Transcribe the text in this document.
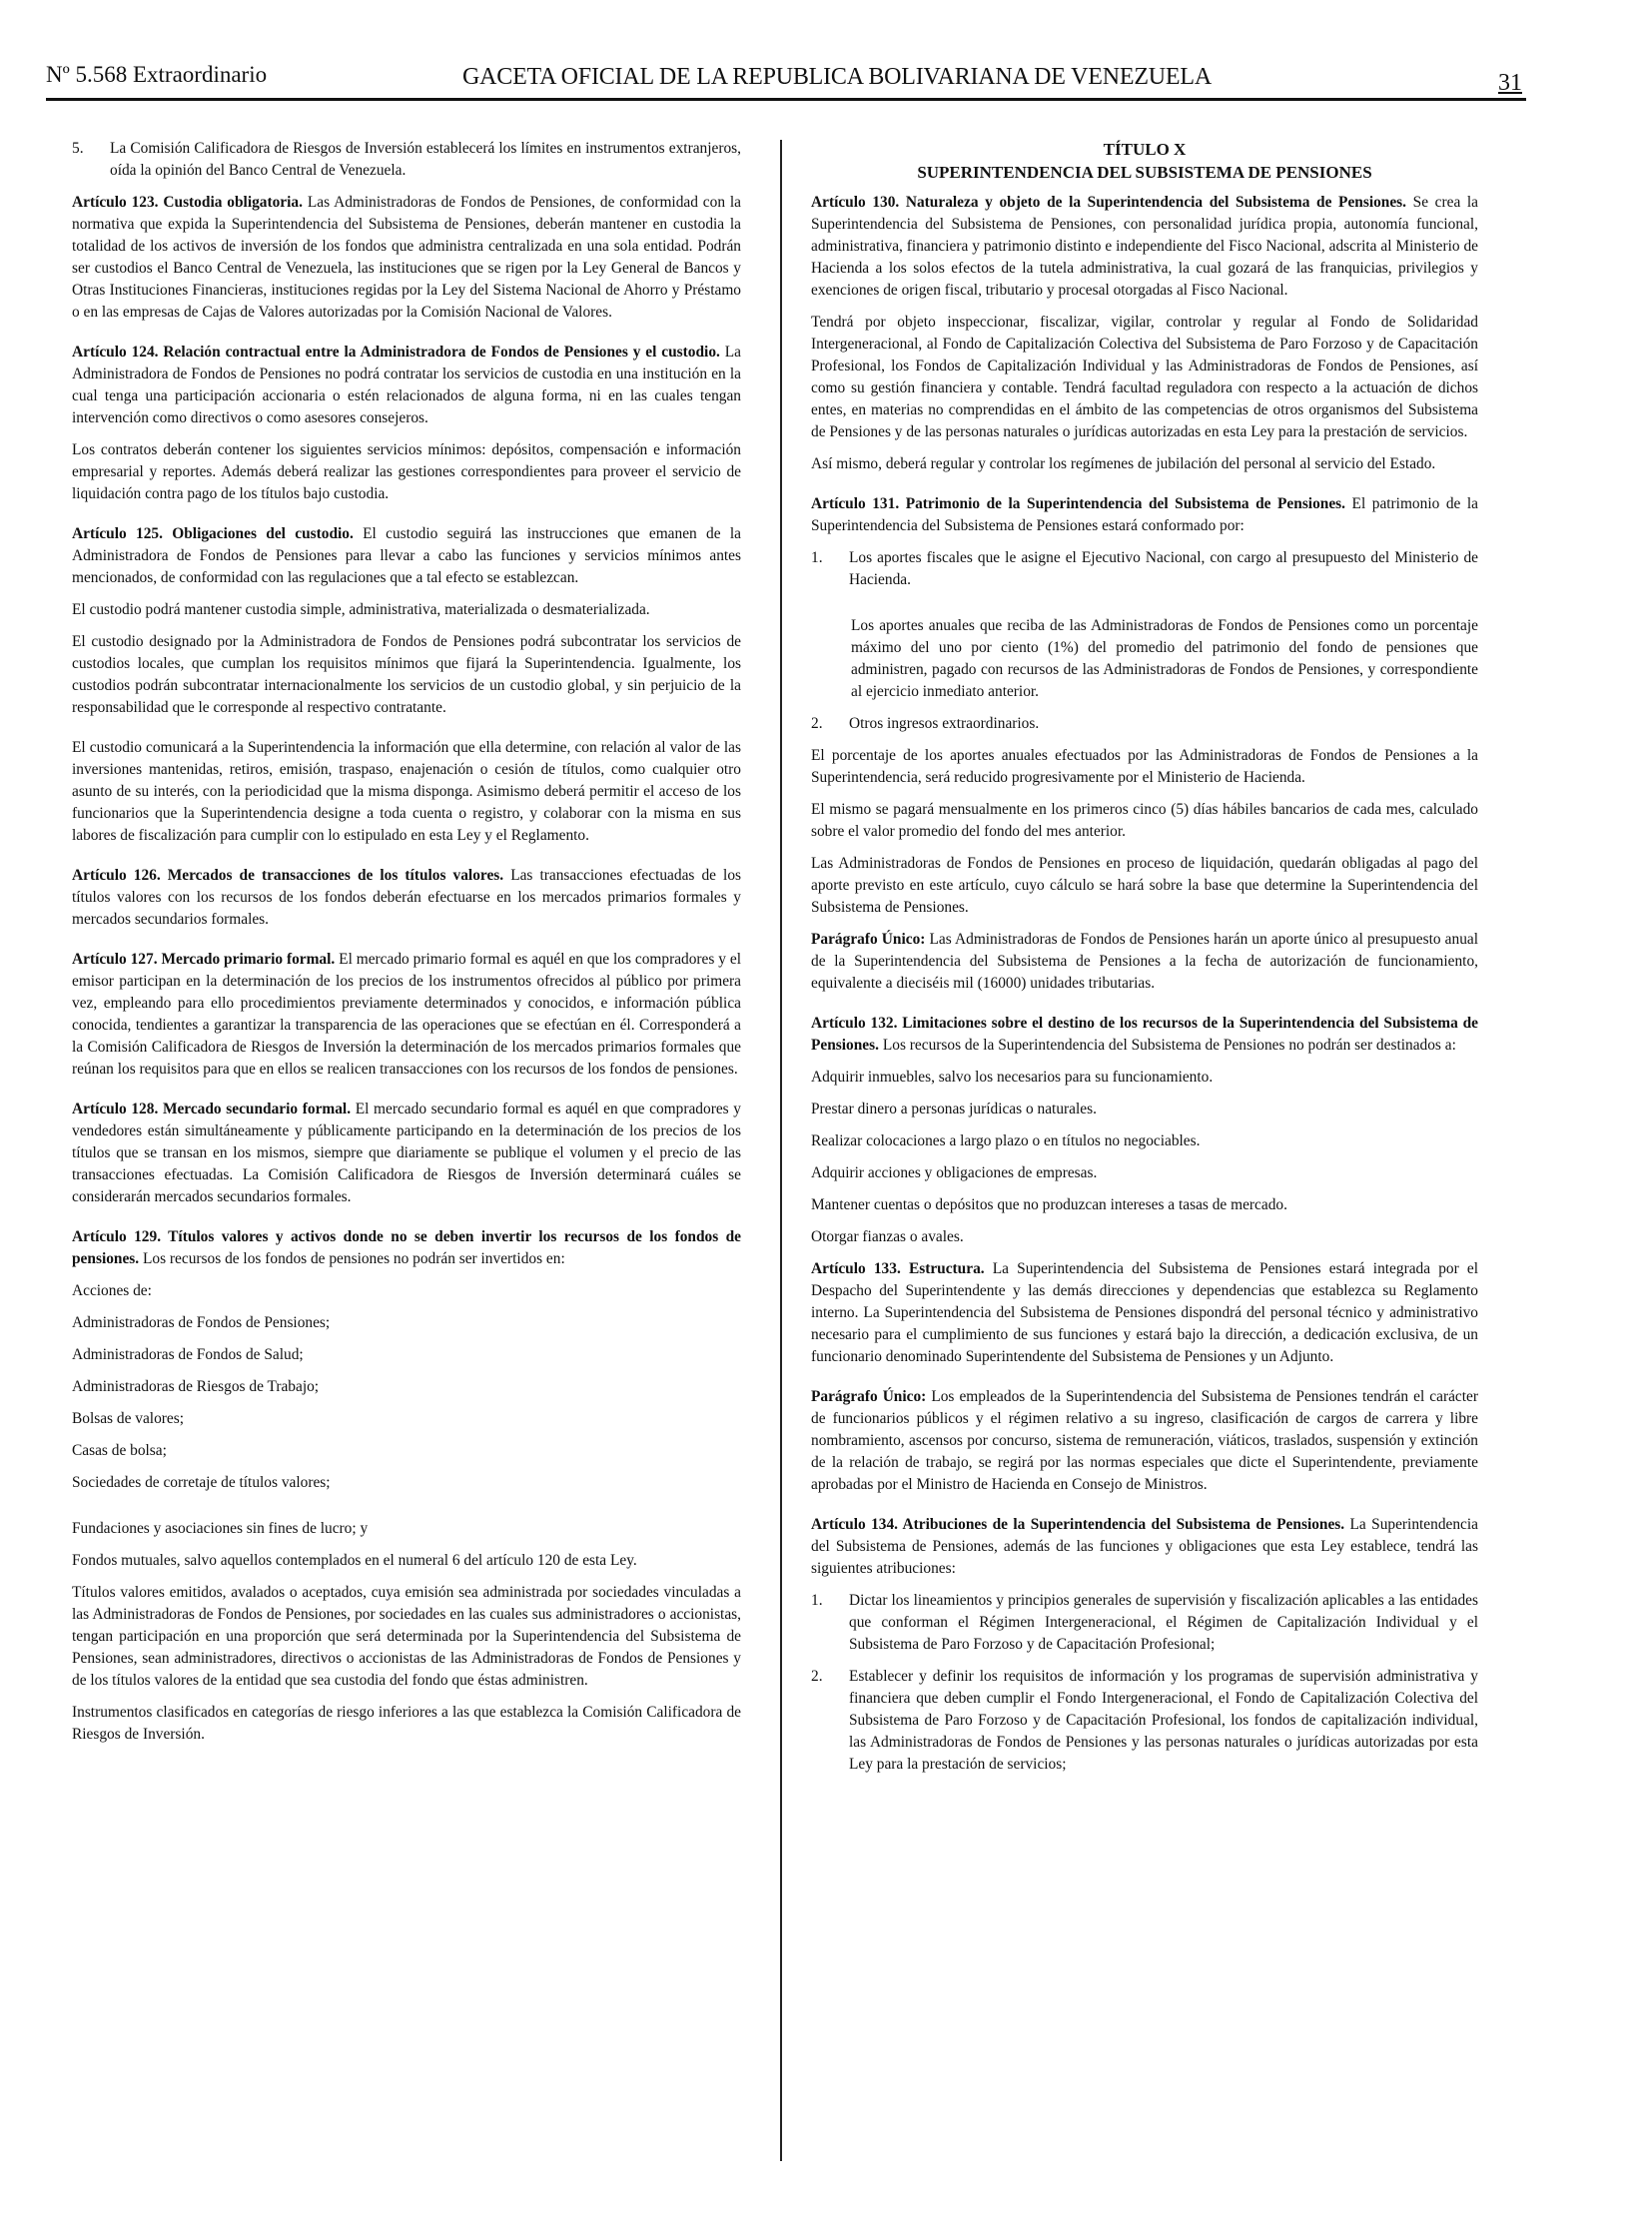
Nº 5.568 Extraordinario	GACETA OFICIAL DE LA REPUBLICA BOLIVARIANA DE VENEZUELA	31
5.	La Comisión Calificadora de Riesgos de Inversión establecerá los límites en instrumentos extranjeros, oída la opinión del Banco Central de Venezuela.

Artículo 123. Custodia obligatoria. Las Administradoras de Fondos de Pensiones, de conformidad con la normativa que expida la Superintendencia del Subsistema de Pensiones, deberán mantener en custodia la totalidad de los activos de inversión de los fondos que administra centralizada en una sola entidad. Podrán ser custodios el Banco Central de Venezuela, las instituciones que se rigen por la Ley General de Bancos y Otras Instituciones Financieras, instituciones regidas por la Ley del Sistema Nacional de Ahorro y Préstamo o en las empresas de Cajas de Valores autorizadas por la Comisión Nacional de Valores.

Artículo 124. Relación contractual entre la Administradora de Fondos de Pensiones y el custodio. La Administradora de Fondos de Pensiones no podrá contratar los servicios de custodia en una institución en la cual tenga una participación accionaria o estén relacionados de alguna forma, ni en las cuales tengan intervención como directivos o como asesores consejeros.

Los contratos deberán contener los siguientes servicios mínimos: depósitos, compensación e información empresarial y reportes. Además deberá realizar las gestiones correspondientes para proveer el servicio de liquidación contra pago de los títulos bajo custodia.

Artículo 125. Obligaciones del custodio. El custodio seguirá las instrucciones que emanen de la Administradora de Fondos de Pensiones para llevar a cabo las funciones y servicios mínimos antes mencionados, de conformidad con las regulaciones que a tal efecto se establezcan.

El custodio podrá mantener custodia simple, administrativa, materializada o desmaterializada.

El custodio designado por la Administradora de Fondos de Pensiones podrá subcontratar los servicios de custodios locales, que cumplan los requisitos mínimos que fijará la Superintendencia. Igualmente, los custodios podrán subcontratar internacionalmente los servicios de un custodio global, y sin perjuicio de la responsabilidad que le corresponde al respectivo contratante.

El custodio comunicará a la Superintendencia la información que ella determine, con relación al valor de las inversiones mantenidas, retiros, emisión, traspaso, enajenación o cesión de títulos, como cualquier otro asunto de su interés, con la periodicidad que la misma disponga. Asimismo deberá permitir el acceso de los funcionarios que la Superintendencia designe a toda cuenta o registro, y colaborar con la misma en sus labores de fiscalización para cumplir con lo estipulado en esta Ley y el Reglamento.

Artículo 126. Mercados de transacciones de los títulos valores. Las transacciones efectuadas de los títulos valores con los recursos de los fondos deberán efectuarse en los mercados primarios formales y mercados secundarios formales.

Artículo 127. Mercado primario formal. El mercado primario formal es aquél en que los compradores y el emisor participan en la determinación de los precios de los instrumentos ofrecidos al público por primera vez, empleando para ello procedimientos previamente determinados y conocidos, e información pública conocida, tendientes a garantizar la transparencia de las operaciones que se efectúan en él. Corresponderá a la Comisión Calificadora de Riesgos de Inversión la determinación de los mercados primarios formales que reúnan los requisitos para que en ellos se realicen transacciones con los recursos de los fondos de pensiones.

Artículo 128. Mercado secundario formal. El mercado secundario formal es aquél en que compradores y vendedores están simultáneamente y públicamente participando en la determinación de los precios de los títulos que se transan en los mismos, siempre que diariamente se publique el volumen y el precio de las transacciones efectuadas. La Comisión Calificadora de Riesgos de Inversión determinará cuáles se considerarán mercados secundarios formales.

Artículo 129. Títulos valores y activos donde no se deben invertir los recursos de los fondos de pensiones. Los recursos de los fondos de pensiones no podrán ser invertidos en:

Acciones de:

Administradoras de Fondos de Pensiones;

Administradoras de Fondos de Salud;

Administradoras de Riesgos de Trabajo;

Bolsas de valores;

Casas de bolsa;

Sociedades de corretaje de títulos valores;

Fundaciones y asociaciones sin fines de lucro; y

Fondos mutuales, salvo aquellos contemplados en el numeral 6 del artículo 120 de esta Ley.

Títulos valores emitidos, avalados o aceptados, cuya emisión sea administrada por sociedades vinculadas a las Administradoras de Fondos de Pensiones, por sociedades en las cuales sus administradores o accionistas, tengan participación en una proporción que será determinada por la Superintendencia del Subsistema de Pensiones, sean administradores, directivos o accionistas de las Administradoras de Fondos de Pensiones y de los títulos valores de la entidad que sea custodia del fondo que éstas administren.

Instrumentos clasificados en categorías de riesgo inferiores a las que establezca la Comisión Calificadora de Riesgos de Inversión.

TÍTULO X
SUPERINTENDENCIA DEL SUBSISTEMA DE PENSIONES

Artículo 130. Naturaleza y objeto de la Superintendencia del Subsistema de Pensiones. Se crea la Superintendencia del Subsistema de Pensiones, con personalidad jurídica propia, autonomía funcional, administrativa, financiera y patrimonio distinto e independiente del Fisco Nacional, adscrita al Ministerio de Hacienda a los solos efectos de la tutela administrativa, la cual gozará de las franquicias, privilegios y exenciones de origen fiscal, tributario y procesal otorgadas al Fisco Nacional.

Tendrá por objeto inspeccionar, fiscalizar, vigilar, controlar y regular al Fondo de Solidaridad Intergeneracional, al Fondo de Capitalización Colectiva del Subsistema de Paro Forzoso y de Capacitación Profesional, los Fondos de Capitalización Individual y las Administradoras de Fondos de Pensiones, así como su gestión financiera y contable. Tendrá facultad reguladora con respecto a la actuación de dichos entes, en materias no comprendidas en el ámbito de las competencias de otros organismos del Subsistema de Pensiones y de las personas naturales o jurídicas autorizadas en esta Ley para la prestación de servicios.

Así mismo, deberá regular y controlar los regímenes de jubilación del personal al servicio del Estado.

Artículo 131. Patrimonio de la Superintendencia del Subsistema de Pensiones. El patrimonio de la Superintendencia del Subsistema de Pensiones estará conformado por:

1.	Los aportes fiscales que le asigne el Ejecutivo Nacional, con cargo al presupuesto del Ministerio de Hacienda.

Los aportes anuales que reciba de las Administradoras de Fondos de Pensiones como un porcentaje máximo del uno por ciento (1%) del promedio del patrimonio del fondo de pensiones que administren, pagado con recursos de las Administradoras de Fondos de Pensiones, y correspondiente al ejercicio inmediato anterior.

2.	Otros ingresos extraordinarios.

El porcentaje de los aportes anuales efectuados por las Administradoras de Fondos de Pensiones a la Superintendencia, será reducido progresivamente por el Ministerio de Hacienda.

El mismo se pagará mensualmente en los primeros cinco (5) días hábiles bancarios de cada mes, calculado sobre el valor promedio del fondo del mes anterior.

Las Administradoras de Fondos de Pensiones en proceso de liquidación, quedarán obligadas al pago del aporte previsto en este artículo, cuyo cálculo se hará sobre la base que determine la Superintendencia del Subsistema de Pensiones.

Parágrafo Único: Las Administradoras de Fondos de Pensiones harán un aporte único al presupuesto anual de la Superintendencia del Subsistema de Pensiones a la fecha de autorización de funcionamiento, equivalente a dieciséis mil (16000) unidades tributarias.

Artículo 132. Limitaciones sobre el destino de los recursos de la Superintendencia del Subsistema de Pensiones. Los recursos de la Superintendencia del Subsistema de Pensiones no podrán ser destinados a:

Adquirir inmuebles, salvo los necesarios para su funcionamiento.

Prestar dinero a personas jurídicas o naturales.

Realizar colocaciones a largo plazo o en títulos no negociables.

Adquirir acciones y obligaciones de empresas.

Mantener cuentas o depósitos que no produzcan intereses a tasas de mercado.

Otorgar fianzas o avales.

Artículo 133. Estructura. La Superintendencia del Subsistema de Pensiones estará integrada por el Despacho del Superintendente y las demás direcciones y dependencias que establezca su Reglamento interno. La Superintendencia del Subsistema de Pensiones dispondrá del personal técnico y administrativo necesario para el cumplimiento de sus funciones y estará bajo la dirección, a dedicación exclusiva, de un funcionario denominado Superintendente del Subsistema de Pensiones y un Adjunto.

Parágrafo Único: Los empleados de la Superintendencia del Subsistema de Pensiones tendrán el carácter de funcionarios públicos y el régimen relativo a su ingreso, clasificación de cargos de carrera y libre nombramiento, ascensos por concurso, sistema de remuneración, viáticos, traslados, suspensión y extinción de la relación de trabajo, se regirá por las normas especiales que dicte el Superintendente, previamente aprobadas por el Ministro de Hacienda en Consejo de Ministros.

Artículo 134. Atribuciones de la Superintendencia del Subsistema de Pensiones. La Superintendencia del Subsistema de Pensiones, además de las funciones y obligaciones que esta Ley establece, tendrá las siguientes atribuciones:

1.	Dictar los lineamientos y principios generales de supervisión y fiscalización aplicables a las entidades que conforman el Régimen Intergeneracional, el Régimen de Capitalización Individual y el Subsistema de Paro Forzoso y de Capacitación Profesional;
2.	Establecer y definir los requisitos de información y los programas de supervisión administrativa y financiera que deben cumplir el Fondo Intergeneracional, el Fondo de Capitalización Colectiva del Subsistema de Paro Forzoso y de Capacitación Profesional, los fondos de capitalización individual, las Administradoras de Fondos de Pensiones y las personas naturales o jurídicas autorizadas por esta Ley para la prestación de servicios;
